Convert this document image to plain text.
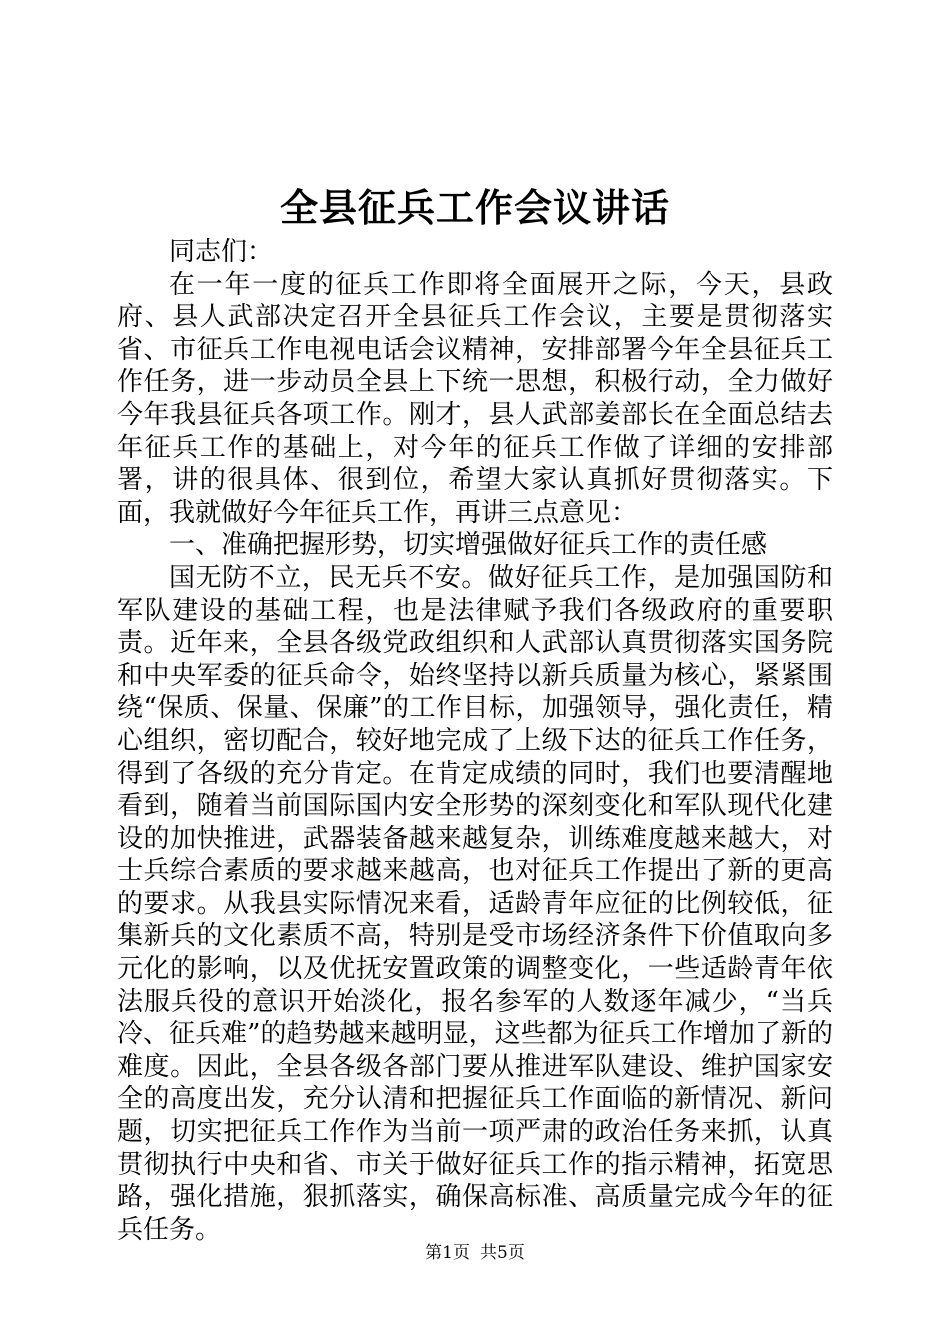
全县征兵工作会议讲话

同志们：

在一年一度的征兵工作即将全面展开之际，今天，县政府、县人武部决定召开全县征兵工作会议，主要是贯彻落实省、市征兵工作电视电话会议精神，安排部署今年全县征兵工作任务，进一步动员全县上下统一思想，积极行动，全力做好今年我县征兵各项工作。刚才，县人武部姜部长在全面总结去年征兵工作的基础上，对今年的征兵工作做了详细的安排部署，讲的很具体、很到位，希望大家认真抓好贯彻落实。下面，我就做好今年征兵工作，再讲三点意见：

一、准确把握形势，切实增强做好征兵工作的责任感

国无防不立，民无兵不安。做好征兵工作，是加强国防和军队建设的基础工程，也是法律赋予我们各级政府的重要职责。近年来，全县各级党政组织和人武部认真贯彻落实国务院和中央军委的征兵命令，始终坚持以新兵质量为核心，紧紧围绕“保质、保量、保廉”的工作目标，加强领导，强化责任，精心组织，密切配合，较好地完成了上级下达的征兵工作任务，得到了各级的充分肯定。在肯定成绩的同时，我们也要清醒地看到，随着当前国际国内安全形势的深刻变化和军队现代化建设的加快推进，武器装备越来越复杂，训练难度越来越大，对士兵综合素质的要求越来越高，也对征兵工作提出了新的更高的要求。从我县实际情况来看，适龄青年应征的比例较低，征集新兵的文化素质不高，特别是受市场经济条件下价值取向多元化的影响，以及优抚安置政策的调整变化，一些适龄青年依法服兵役的意识开始淡化，报名参军的人数逐年减少，“当兵冷、征兵难”的趋势越来越明显，这些都为征兵工作增加了新的难度。因此，全县各级各部门要从推进军队建设、维护国家安全的高度出发，充分认清和把握征兵工作面临的新情况、新问题，切实把征兵工作作为当前一项严肃的政治任务来抓，认真贯彻执行中央和省、市关于做好征兵工作的指示精神，拓宽思路，强化措施，狠抓落实，确保高标准、高质量完成今年的征兵任务。

第1页 共5页
